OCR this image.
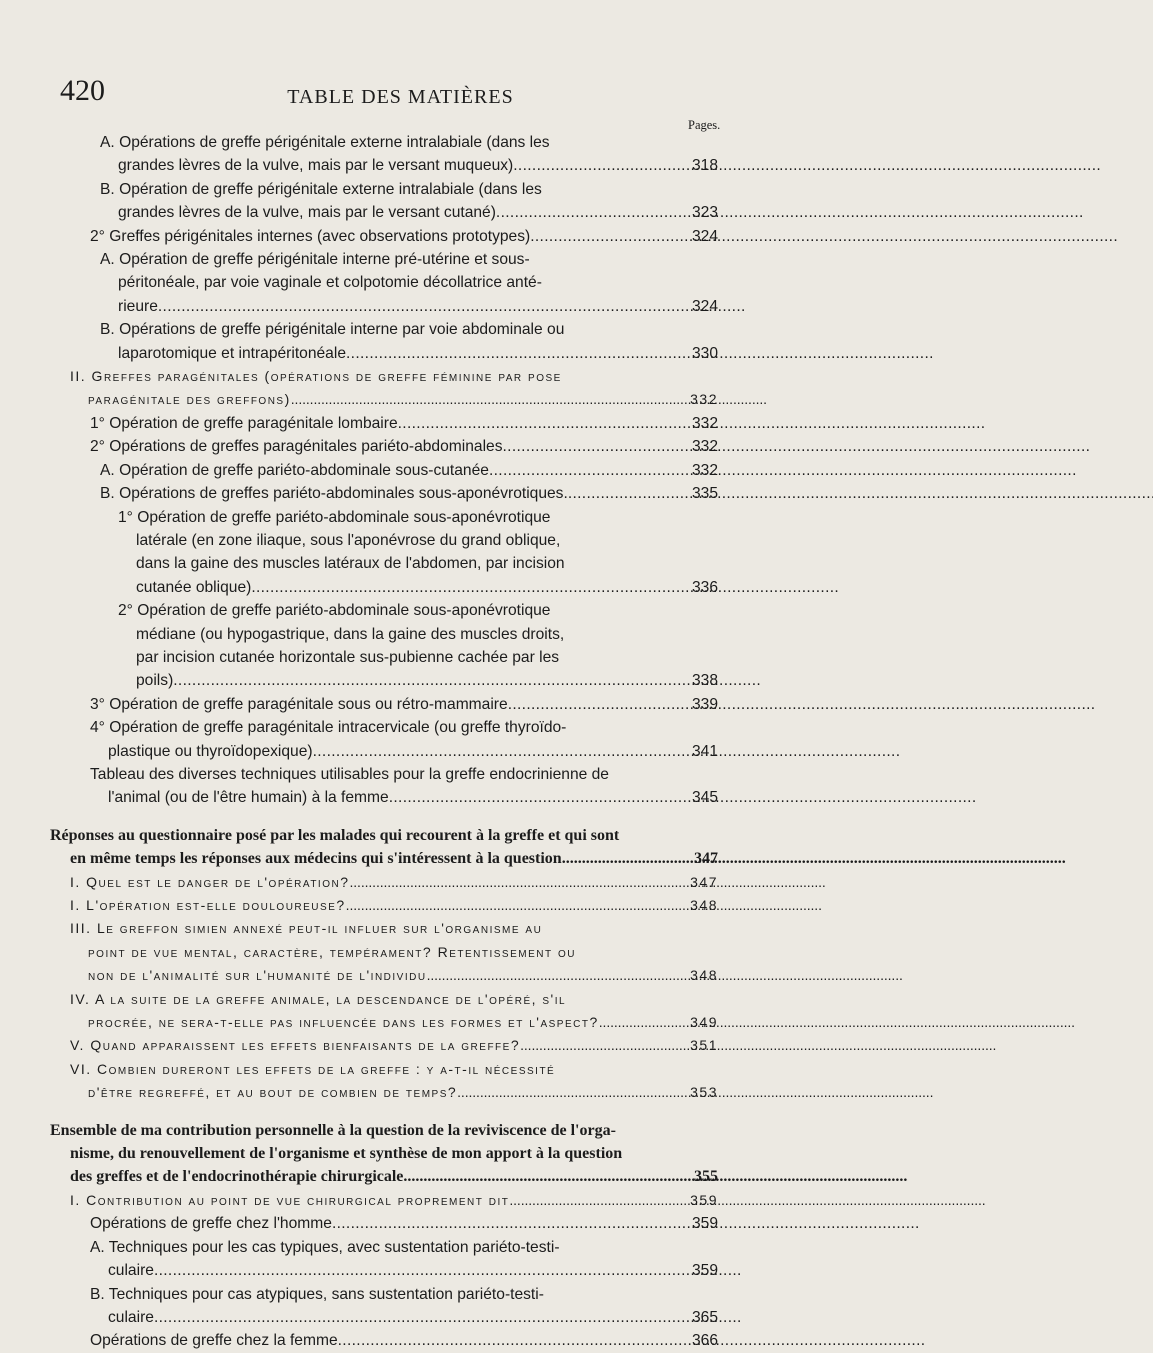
420	TABLE DES MATIÈRES
Pages.
A. Opérations de greffe périgénitale externe intralabiale (dans les
grandes lèvres de la vulve, mais par le versant muqueux) . . .	318
B. Opération de greffe périgénitale externe intralabiale (dans les
grandes lèvres de la vulve, mais par le versant cutané) . . .	323
2° Greffes périgénitales internes (avec observations prototypes) . . .	324
A. Opération de greffe périgénitale interne pré-utérine et sous-
péritonéale, par voie vaginale et colpotomie décollatrice anté-
rieure . . .	324
B. Opérations de greffe périgénitale interne par voie abdominale ou
laparotomique et intrapéritonéale . . .	330
II. Greffes paragénitales (opérations de greffe féminine par pose
paragénitale des greffons) . . .	332
1° Opération de greffe paragénitale lombaire . . .	332
2° Opérations de greffes paragénitales pariéto-abdominales . . .	332
A. Opération de greffe pariéto-abdominale sous-cutanée . . .	332
B. Opérations de greffes pariéto-abdominales sous-aponévrotiques. . . .	335
1° Opération de greffe pariéto-abdominale sous-aponévrotique
latérale (en zone iliaque, sous l'aponévrose du grand oblique,
dans la gaine des muscles latéraux de l'abdomen, par incision
cutanée oblique) . . .	336
2° Opération de greffe pariéto-abdominale sous-aponévrotique
médiane (ou hypogastrique, dans la gaine des muscles droits,
par incision cutanée horizontale sus-pubienne cachée par les
poils) . . .	338
3° Opération de greffe paragénitale sous ou rétro-mammaire . . .	339
4° Opération de greffe paragénitale intracervicale (ou greffe thyroïdo-
plastique ou thyroïdopexique) . . .	341
Tableau des diverses techniques utilisables pour la greffe endocrinienne de
l'animal (ou de l'être humain) à la femme . . .	345
Réponses au questionnaire posé par les malades qui recourent à la greffe et qui sont
en même temps les réponses aux médecins qui s'intéressent à la question . . .	347
I. Quel est le danger de l'opération? . . .	347
I. L'opération est-elle douloureuse? . . .	348
III. Le greffon simien annexé peut-il influer sur l'organisme au
point de vue mental, caractère, tempérament? Retentissement ou
non de l'animalité sur l'humanité de l'individu . . .	348
IV. A la suite de la greffe animale, la descendance de l'opéré, s'il
procrée, ne sera-t-elle pas influencée dans les formes et l'aspect? . . .	349
V. Quand apparaissent les effets bienfaisants de la greffe? . . .	351
VI. Combien dureront les effets de la greffe : y a-t-il nécessité
d'être regreffé, et au bout de combien de temps? . . .	353
Ensemble de ma contribution personnelle à la question de la reviviscence de l'orga-
nisme, du renouvellement de l'organisme et synthèse de mon apport à la question
des greffes et de l'endocrinothérapie chirurgicale . . .	355
I. Contribution au point de vue chirurgical proprement dit . . .	359
Opérations de greffe chez l'homme . . .	359
A. Techniques pour les cas typiques, avec sustentation pariéto-testi-
culaire . . .	359
B. Techniques pour cas atypiques, sans sustentation pariéto-testi-
culaire . . .	365
Opérations de greffe chez la femme . . .	366
